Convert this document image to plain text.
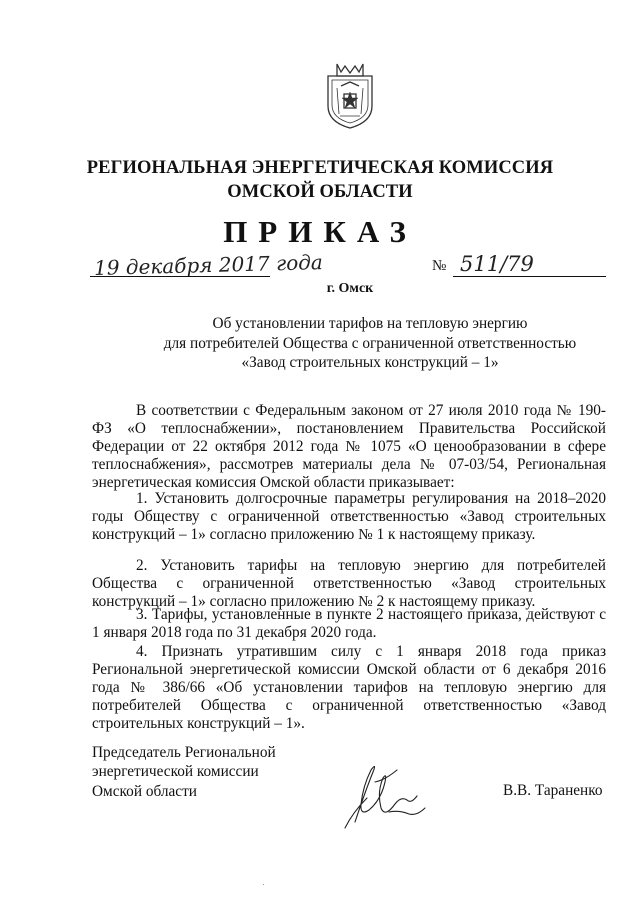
РЕГИОНАЛЬНАЯ ЭНЕРГЕТИЧЕСКАЯ КОМИССИЯ
ОМСКОЙ ОБЛАСТИ
ПРИКАЗ
19 декабря 2017 года	№ 511/79
г. Омск
Об установлении тарифов на тепловую энергию
для потребителей Общества с ограниченной ответственностью
«Завод строительных конструкций – 1»
В соответствии с Федеральным законом от 27 июля 2010 года № 190-ФЗ «О теплоснабжении», постановлением Правительства Российской Федерации от 22 октября 2012 года № 1075 «О ценообразовании в сфере теплоснабжения», рассмотрев материалы дела № 07-03/54, Региональная энергетическая комиссия Омской области приказывает:
1. Установить долгосрочные параметры регулирования на 2018–2020 годы Обществу с ограниченной ответственностью «Завод строительных конструкций – 1» согласно приложению № 1 к настоящему приказу.
2. Установить тарифы на тепловую энергию для потребителей Общества с ограниченной ответственностью «Завод строительных конструкций – 1» согласно приложению № 2 к настоящему приказу.
3. Тарифы, установленные в пункте 2 настоящего приказа, действуют с 1 января 2018 года по 31 декабря 2020 года.
4. Признать утратившим силу с 1 января 2018 года приказ Региональной энергетической комиссии Омской области от 6 декабря 2016 года № 386/66 «Об установлении тарифов на тепловую энергию для потребителей Общества с ограниченной ответственностью «Завод строительных конструкций – 1».
Председатель Региональной
энергетической комиссии
Омской области	В.В. Тараненко
